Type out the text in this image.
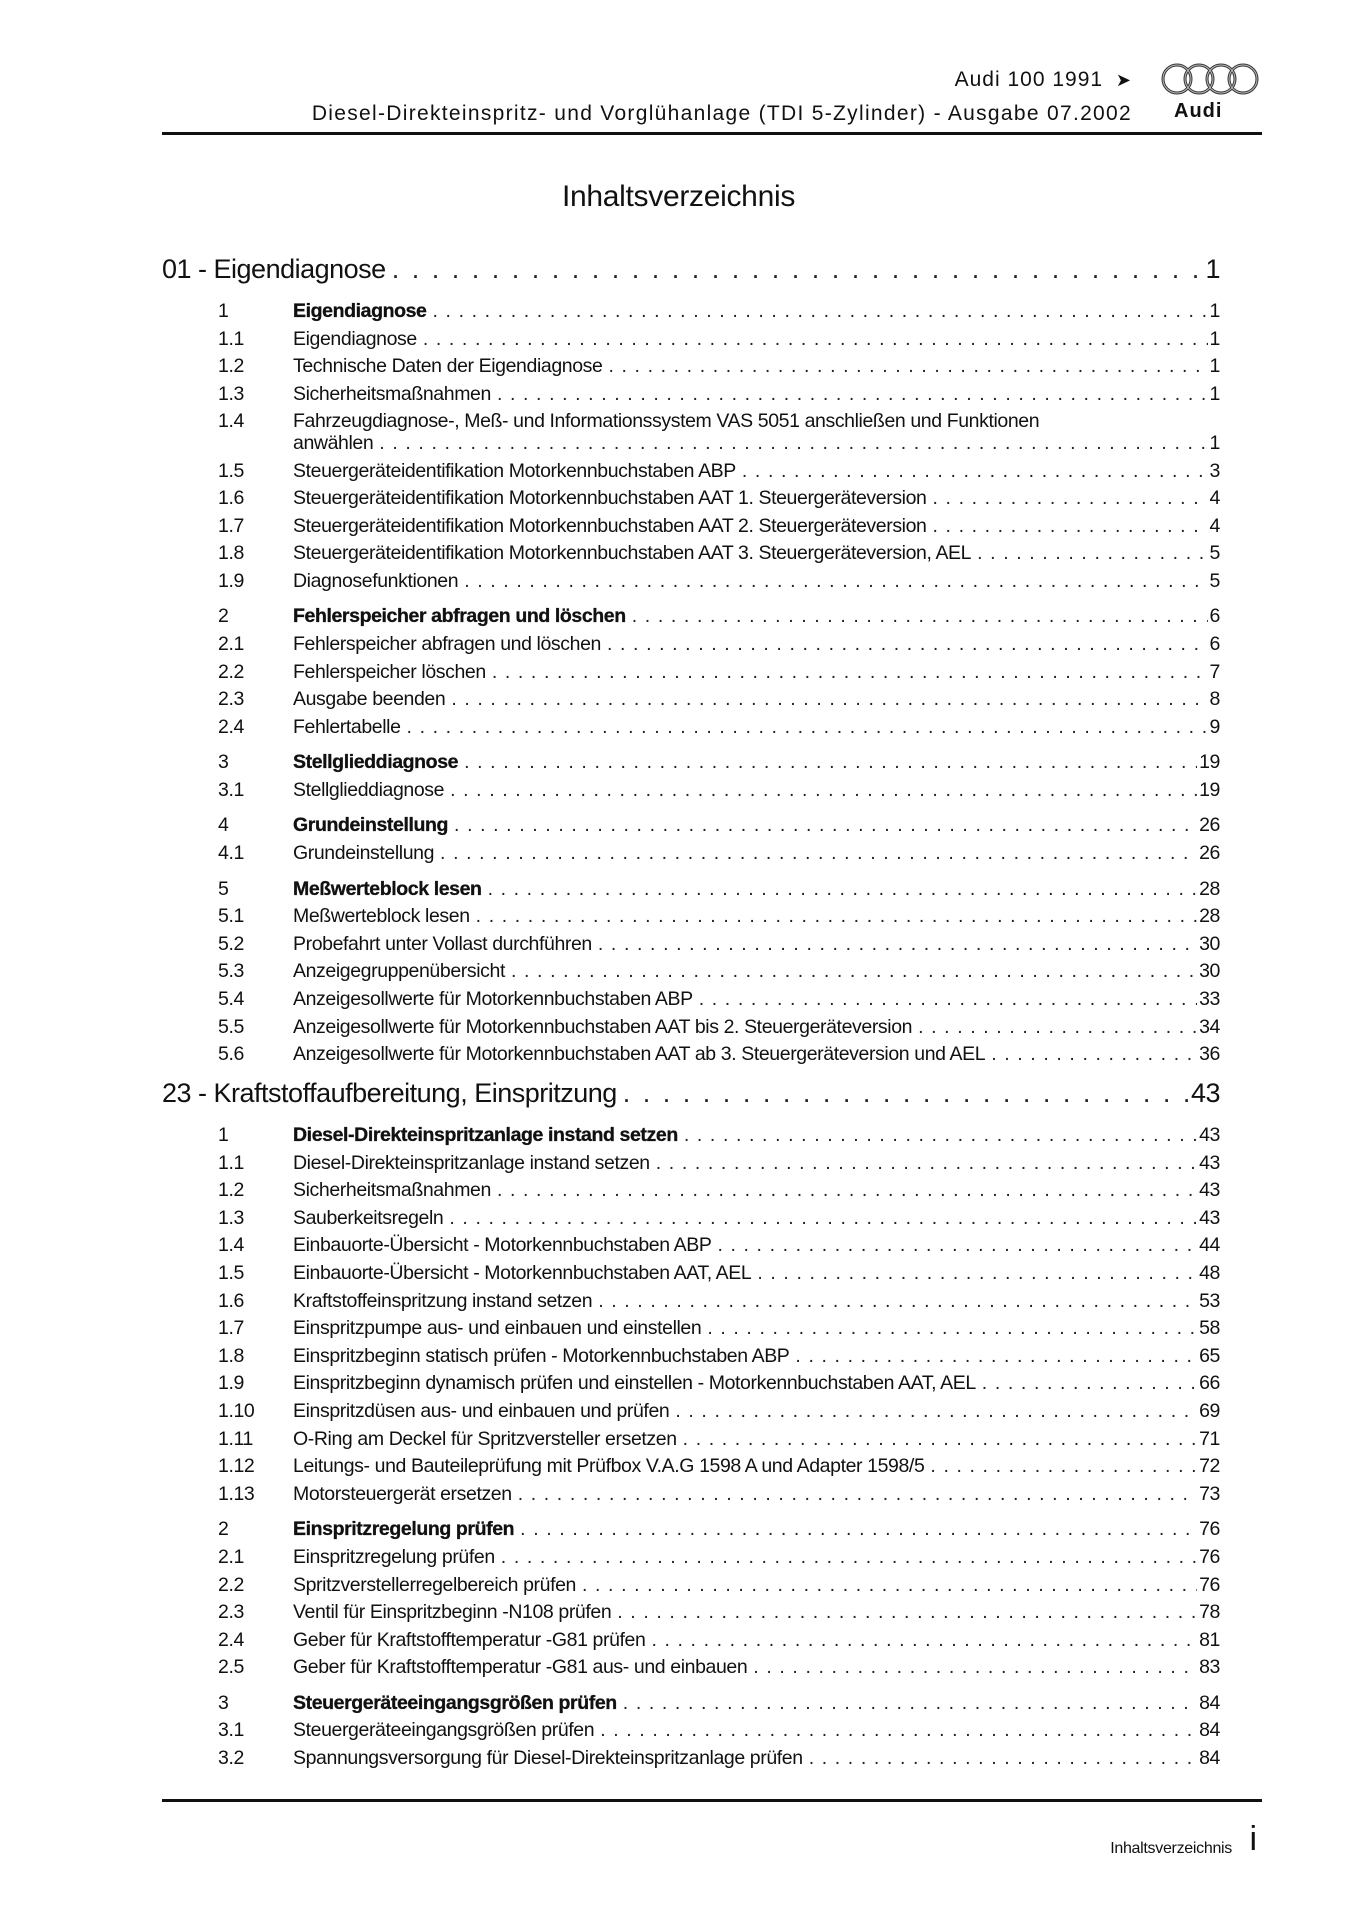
Audi 100 1991 ➤
Diesel-Direkteinspritz- und Vorglühanlage (TDI 5-Zylinder) - Ausgabe 07.2002 Audi
Inhaltsverzeichnis
01 - Eigendiagnose . . .	1
1	Eigendiagnose . . .	1
1.1	Eigendiagnose . . .	1
1.2	Technische Daten der Eigendiagnose . . .	1
1.3	Sicherheitsmaßnahmen . . .	1
1.4	Fahrzeugdiagnose-, Meß- und Informationssystem VAS 5051 anschließen und Funktionen
anwählen . . .	1
1.5	Steuergeräteidentifikation Motorkennbuchstaben ABP . . .	3
1.6	Steuergeräteidentifikation Motorkennbuchstaben AAT 1. Steuergeräteversion . . .	4
1.7	Steuergeräteidentifikation Motorkennbuchstaben AAT 2. Steuergeräteversion . . .	4
1.8	Steuergeräteidentifikation Motorkennbuchstaben AAT 3. Steuergeräteversion, AEL . . .	5
1.9	Diagnosefunktionen . . .	5
2	Fehlerspeicher abfragen und löschen . . .	6
2.1	Fehlerspeicher abfragen und löschen . . .	6
2.2	Fehlerspeicher löschen . . .	7
2.3	Ausgabe beenden . . .	8
2.4	Fehlertabelle . . .	9
3	Stellglieddiagnose . . .	19
3.1	Stellglieddiagnose . . .	19
4	Grundeinstellung . . .	26
4.1	Grundeinstellung . . .	26
5	Meßwerteblock lesen . . .	28
5.1	Meßwerteblock lesen . . .	28
5.2	Probefahrt unter Vollast durchführen . . .	30
5.3	Anzeigegruppenübersicht . . .	30
5.4	Anzeigesollwerte für Motorkennbuchstaben ABP . . .	33
5.5	Anzeigesollwerte für Motorkennbuchstaben AAT bis 2. Steuergeräteversion . . .	34
5.6	Anzeigesollwerte für Motorkennbuchstaben AAT ab 3. Steuergeräteversion und AEL . . .	36
23 - Kraftstoffaufbereitung, Einspritzung . . .	43
1	Diesel-Direkteinspritzanlage instand setzen . . .	43
1.1	Diesel-Direkteinspritzanlage instand setzen . . .	43
1.2	Sicherheitsmaßnahmen . . .	43
1.3	Sauberkeitsregeln . . .	43
1.4	Einbauorte-Übersicht - Motorkennbuchstaben ABP . . .	44
1.5	Einbauorte-Übersicht - Motorkennbuchstaben AAT, AEL . . .	48
1.6	Kraftstoffeinspritzung instand setzen . . .	53
1.7	Einspritzpumpe aus- und einbauen und einstellen . . .	58
1.8	Einspritzbeginn statisch prüfen - Motorkennbuchstaben ABP . . .	65
1.9	Einspritzbeginn dynamisch prüfen und einstellen - Motorkennbuchstaben AAT, AEL . . .	66
1.10	Einspritzdüsen aus- und einbauen und prüfen . . .	69
1.11	O-Ring am Deckel für Spritzversteller ersetzen . . .	71
1.12	Leitungs- und Bauteileprüfung mit Prüfbox V.A.G 1598 A und Adapter 1598/5 . . .	72
1.13	Motorsteuergerät ersetzen . . .	73
2	Einspritzregelung prüfen . . .	76
2.1	Einspritzregelung prüfen . . .	76
2.2	Spritzverstellerregelbereich prüfen . . .	76
2.3	Ventil für Einspritzbeginn -N108 prüfen . . .	78
2.4	Geber für Kraftstofftemperatur -G81 prüfen . . .	81
2.5	Geber für Kraftstofftemperatur -G81 aus- und einbauen . . .	83
3	Steuergeräteeingangsgrößen prüfen . . .	84
3.1	Steuergeräteeingangsgrößen prüfen . . .	84
3.2	Spannungsversorgung für Diesel-Direkteinspritzanlage prüfen . . .	84
Inhaltsverzeichnis i
